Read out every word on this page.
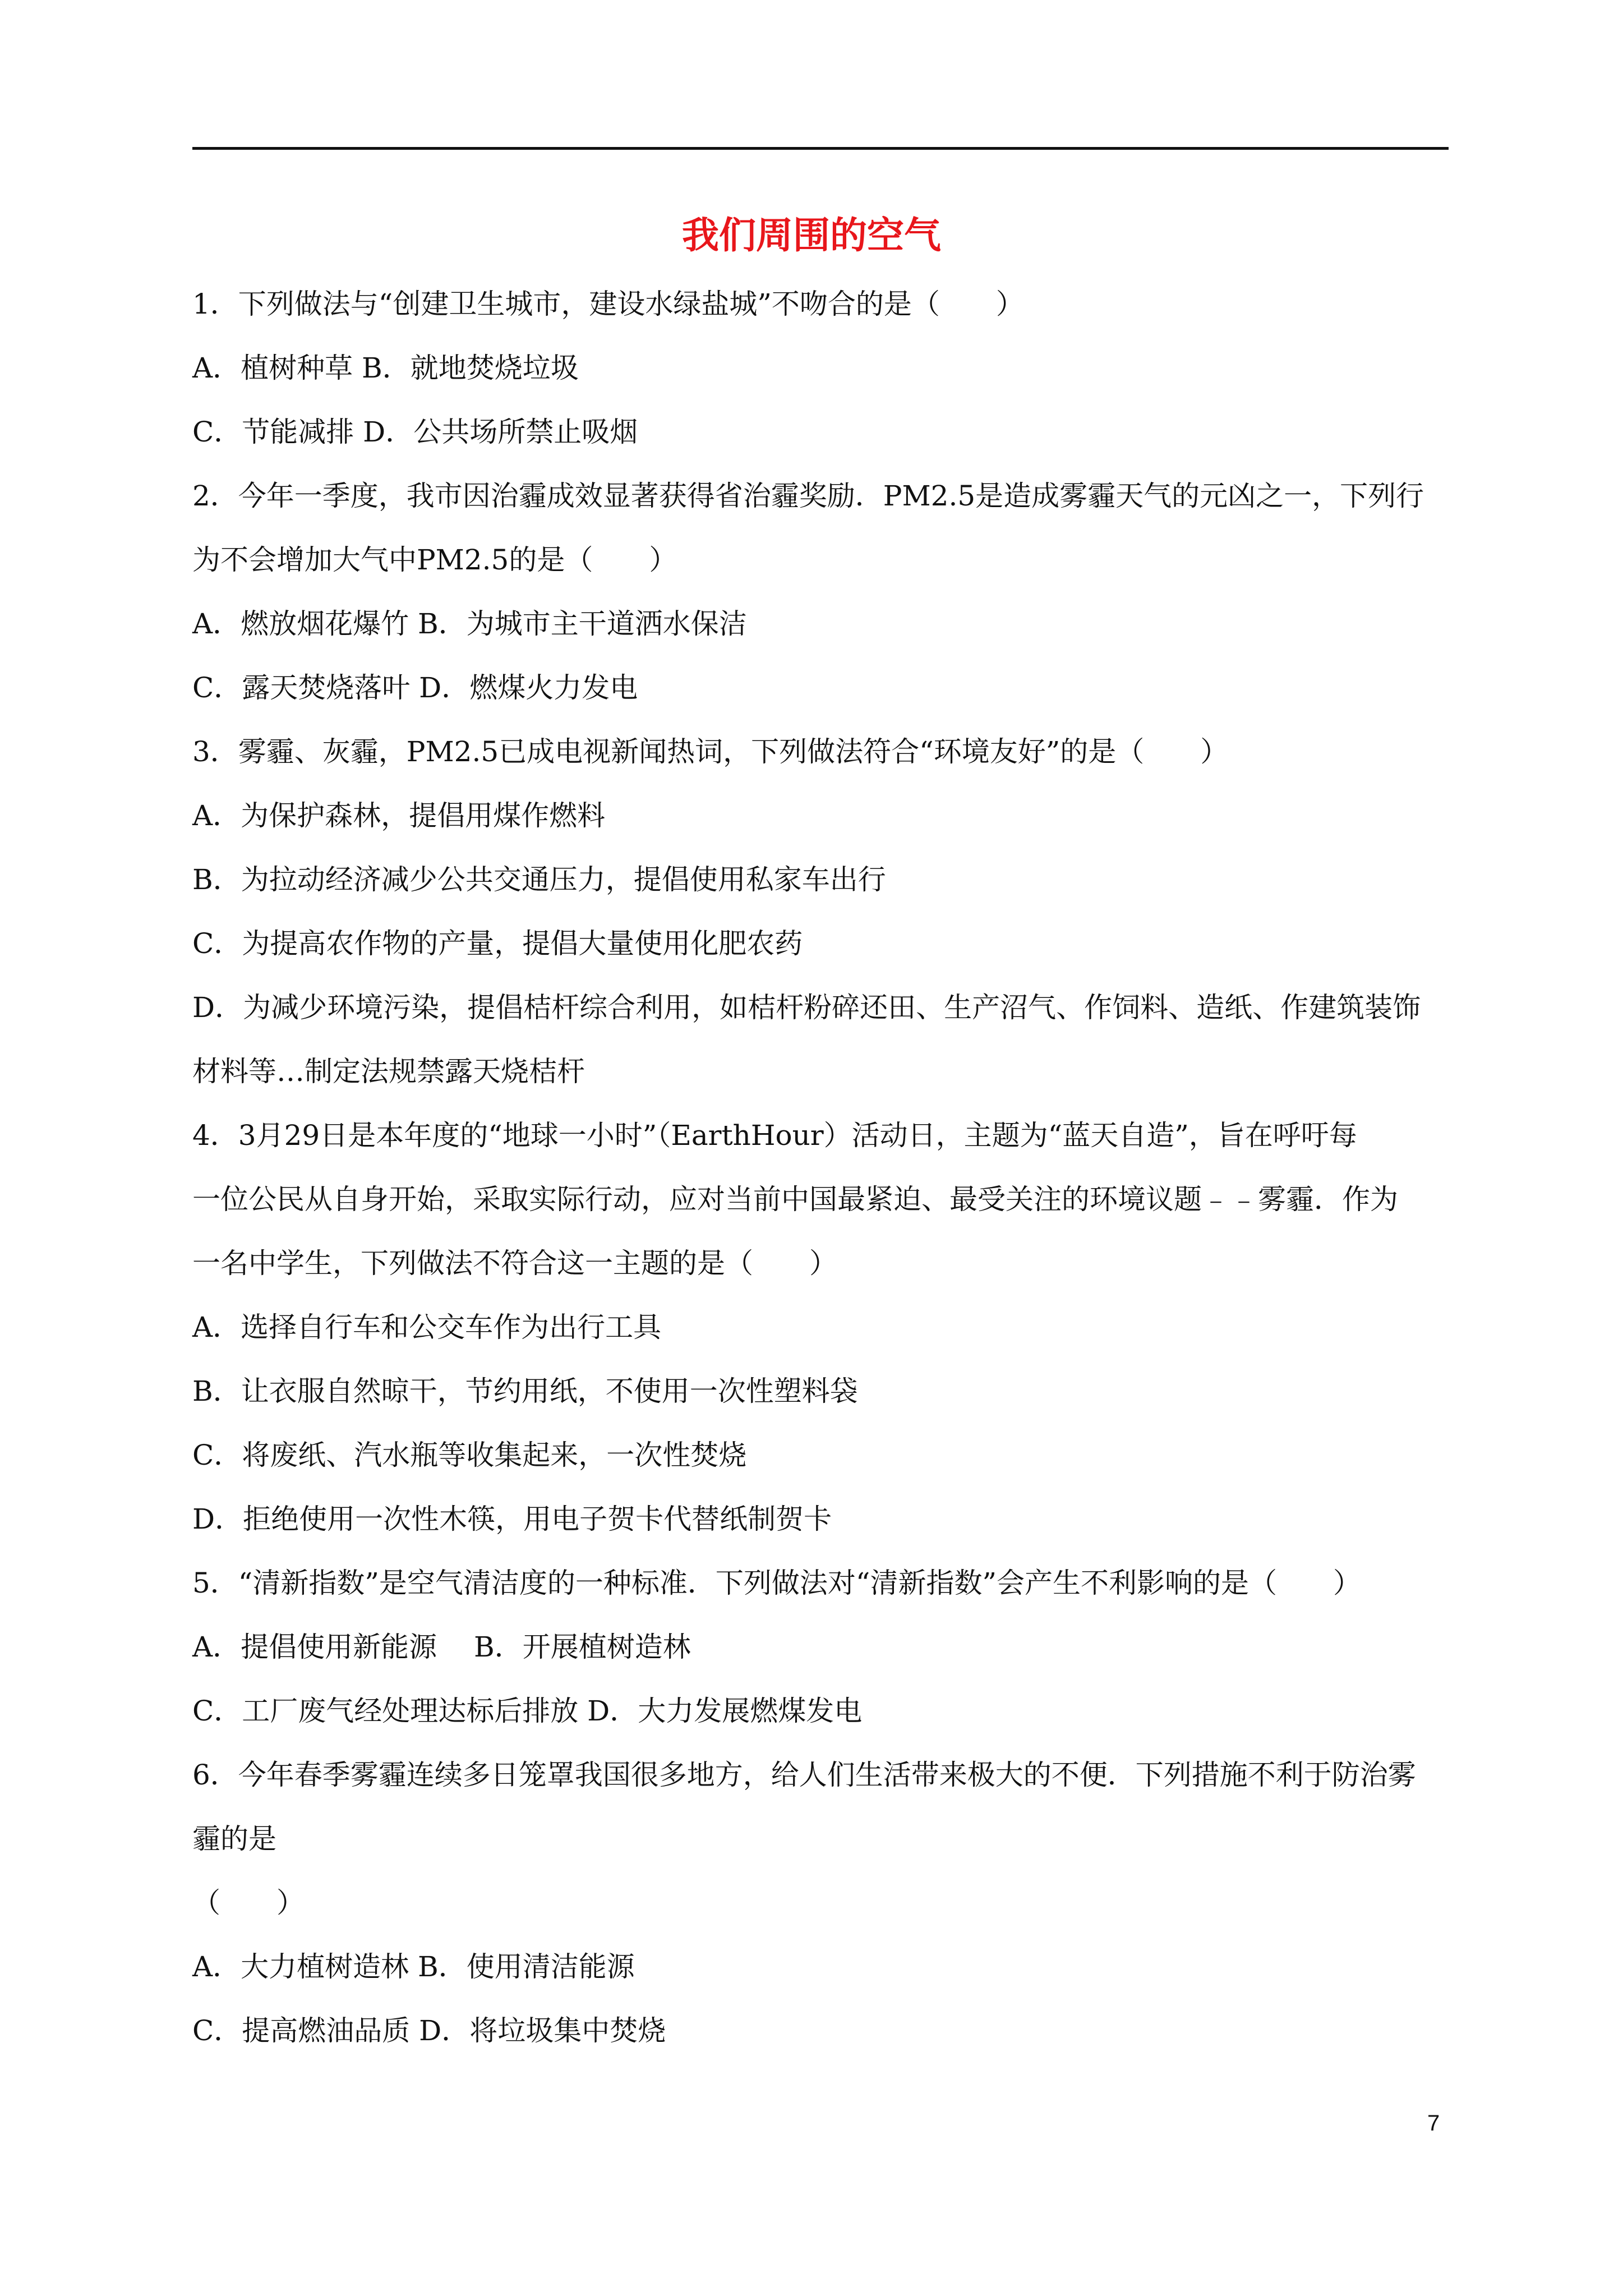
我们周围的空气

1．下列做法与“创建卫生城市，建设水绿盐城”不吻合的是（　　）

A．植树种草 B．就地焚烧垃圾

C．节能减排 D．公共场所禁止吸烟

2．今年一季度，我市因治霾成效显著获得省治霾奖励．PM2.5是造成雾霾天气的元凶之一，下列行

为不会增加大气中PM2.5的是（　　）

A．燃放烟花爆竹 B．为城市主干道洒水保洁

C．露天焚烧落叶 D．燃煤火力发电

3．雾霾、灰霾，PM2.5已成电视新闻热词，下列做法符合“环境友好”的是（　　）

A．为保护森林，提倡用煤作燃料

B．为拉动经济减少公共交通压力，提倡使用私家车出行

C．为提高农作物的产量，提倡大量使用化肥农药

D．为减少环境污染，提倡桔杆综合利用，如桔杆粉碎还田、生产沼气、作饲料、造纸、作建筑装饰

材料等…制定法规禁露天烧桔杆

4．3月29日是本年度的“地球一小时”（EarthHour）活动日，主题为“蓝天自造”，旨在呼吁每

一位公民从自身开始，采取实际行动，应对当前中国最紧迫、最受关注的环境议题﹣﹣雾霾．作为

一名中学生，下列做法不符合这一主题的是（　　）

A．选择自行车和公交车作为出行工具

B．让衣服自然晾干，节约用纸，不使用一次性塑料袋

C．将废纸、汽水瓶等收集起来，一次性焚烧

D．拒绝使用一次性木筷，用电子贺卡代替纸制贺卡

5．“清新指数”是空气清洁度的一种标准．下列做法对“清新指数”会产生不利影响的是（　　）

A．提倡使用新能源　 B．开展植树造林

C．工厂废气经处理达标后排放 D．大力发展燃煤发电

6．今年春季雾霾连续多日笼罩我国很多地方，给人们生活带来极大的不便．下列措施不利于防治雾

霾的是

（　　）

A．大力植树造林 B．使用清洁能源

C．提高燃油品质 D．将垃圾集中焚烧

7
